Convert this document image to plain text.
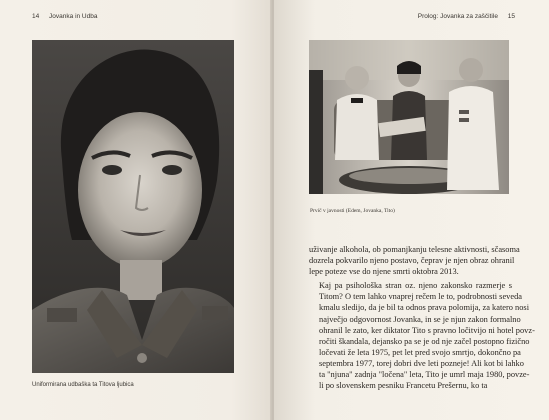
14 Jovanka in Udba
Uniformirana udbaška ta Titova ljubica
Prolog: Jovanka za zaščitile 15
Prvič v javnosti (Edem, Jovanka, Tito)

uživanje alkohola, ob pomanjkanju telesne aktivnosti, sčasoma
dozrela pokvarilo njeno postavo, čeprav je njen obraz ohranil
lepe poteze vse do njene smrti oktobra 2013.

Kaj pa psihološka stran oz. njeno zakonsko razmerje s
Titom? O tem lahko vnaprej rečem le to, podrobnosti seveda
kmalu sledijo, da je bil ta odnos prava polomija, za katero nosi
največjo odgovornost Jovanka, in se je njun zakon formalno
ohranil le zato, ker diktator Tito s pravno ločitvijo ni hotel povz-
ročiti škandala, dejansko pa se je od nje začel postopno fizično
ločevati že leta 1975, pet let pred svojo smrtjo, dokončno pa
septembra 1977, torej dobri dve leti pozneje! Ali kot bi lahko
ta "njuna" zadnja "ločena" leta, Tito je umrl maja 1980, povze-
li po slovenskem pesniku Francetu Prešernu, ko ta
